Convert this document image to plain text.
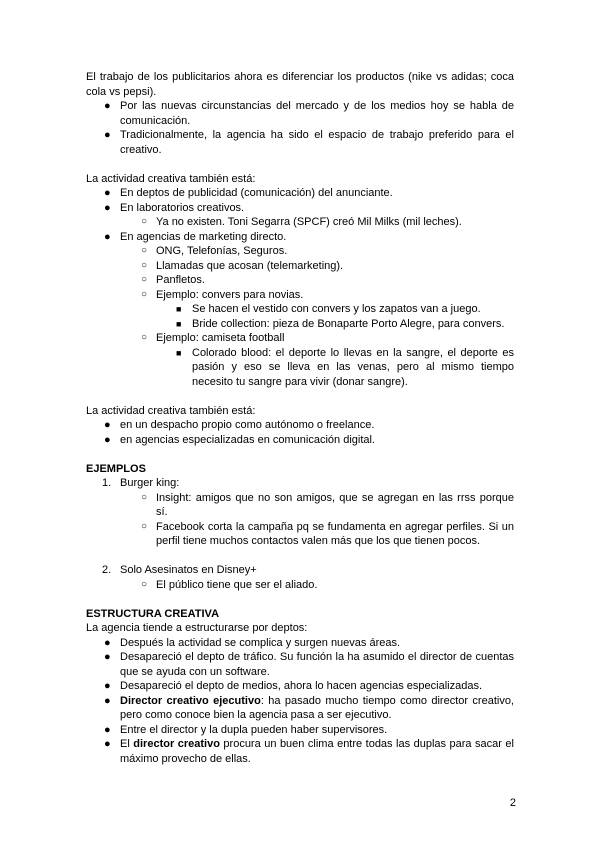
El trabajo de los publicitarios ahora es diferenciar los productos (nike vs adidas; coca cola vs pepsi).

● Por las nuevas circunstancias del mercado y de los medios hoy se habla de comunicación.
● Tradicionalmente, la agencia ha sido el espacio de trabajo preferido para el creativo.

La actividad creativa también está:

● En deptos de publicidad (comunicación) del anunciante.
● En laboratorios creativos.
○ Ya no existen. Toni Segarra (SPCF) creó Mil Milks (mil leches).
● En agencias de marketing directo.
○ ONG, Telefonías, Seguros.
○ Llamadas que acosan (telemarketing).
○ Panfletos.
○ Ejemplo: convers para novias.
■ Se hacen el vestido con convers y los zapatos van a juego.
■ Bride collection: pieza de Bonaparte Porto Alegre, para convers.
○ Ejemplo: camiseta football
■ Colorado blood: el deporte lo llevas en la sangre, el deporte es pasión y eso se lleva en las venas, pero al mismo tiempo necesito tu sangre para vivir (donar sangre).

La actividad creativa también está:

● en un despacho propio como autónomo o freelance.
● en agencias especializadas en comunicación digital.

EJEMPLOS

1. Burger king:
○ Insight: amigos que no son amigos, que se agregan en las rrss porque sí.
○ Facebook corta la campaña pq se fundamenta en agregar perfiles. Si un perfil tiene muchos contactos valen más que los que tienen pocos.
2. Solo Asesinatos en Disney+
○ El público tiene que ser el aliado.

ESTRUCTURA CREATIVA

La agencia tiende a estructurarse por deptos:

● Después la actividad se complica y surgen nuevas áreas.
● Desapareció el depto de tráfico. Su función la ha asumido el director de cuentas que se ayuda con un software.
● Desapareció el depto de medios, ahora lo hacen agencias especializadas.
● Director creativo ejecutivo: ha pasado mucho tiempo como director creativo, pero como conoce bien la agencia pasa a ser ejecutivo.
● Entre el director y la dupla pueden haber supervisores.
● El director creativo procura un buen clima entre todas las duplas para sacar el máximo provecho de ellas.
2
